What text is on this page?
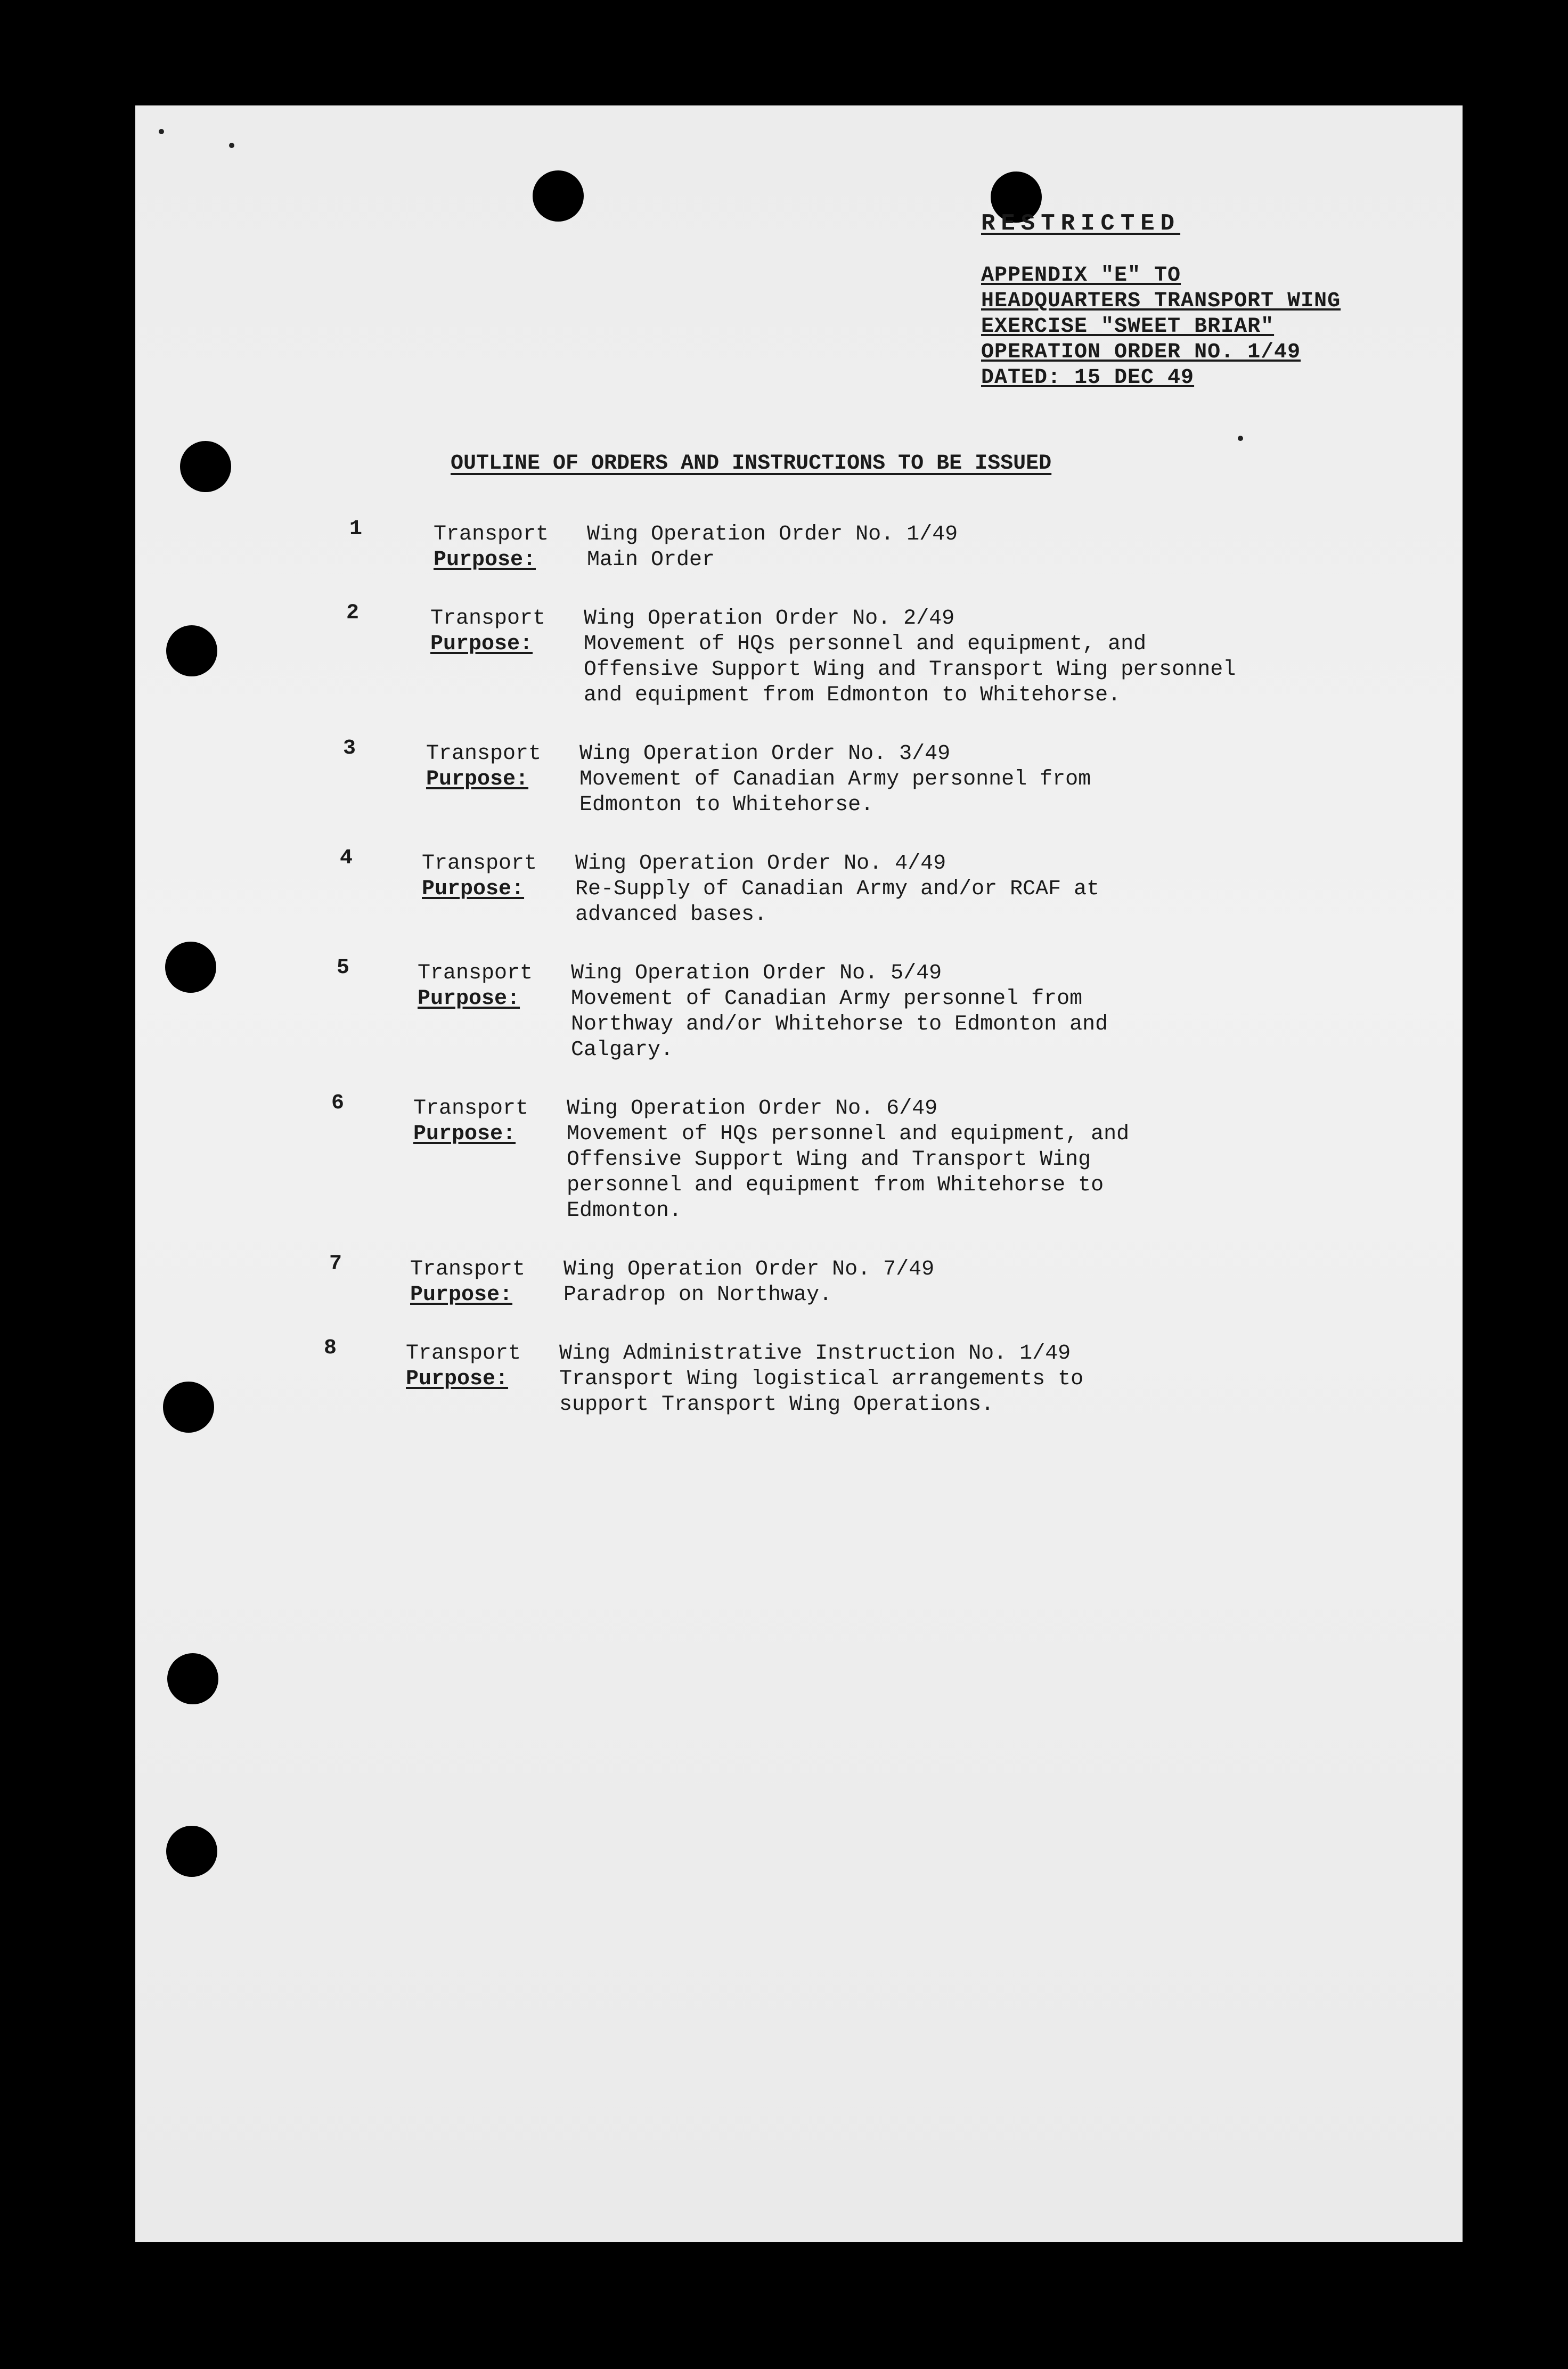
RESTRICTED
APPENDIX "E" TO
HEADQUARTERS TRANSPORT WING
EXERCISE "SWEET BRIAR"
OPERATION ORDER NO. 1/49
DATED: 15 DEC 49
OUTLINE OF ORDERS AND INSTRUCTIONS TO BE ISSUED
1	Transport	Wing Operation Order No. 1/49
Purpose:	Main Order
2	Transport	Wing Operation Order No. 2/49
Purpose:	Movement of HQs personnel and equipment, and Offensive Support Wing and Transport Wing personnel and equipment from Edmonton to Whitehorse.
3	Transport	Wing Operation Order No. 3/49
Purpose:	Movement of Canadian Army personnel from Edmonton to Whitehorse.
4	Transport	Wing Operation Order No. 4/49
Purpose:	Re-Supply of Canadian Army and/or RCAF at advanced bases.
5	Transport	Wing Operation Order No. 5/49
Purpose:	Movement of Canadian Army personnel from Northway and/or Whitehorse to Edmonton and Calgary.
6	Transport	Wing Operation Order No. 6/49
Purpose:	Movement of HQs personnel and equipment, and Offensive Support Wing and Transport Wing personnel and equipment from Whitehorse to Edmonton.
7	Transport	Wing Operation Order No. 7/49
Purpose:	Paradrop on Northway.
8	Transport	Wing Administrative Instruction No. 1/49
Purpose:	Transport Wing logistical arrangements to support Transport Wing Operations.
